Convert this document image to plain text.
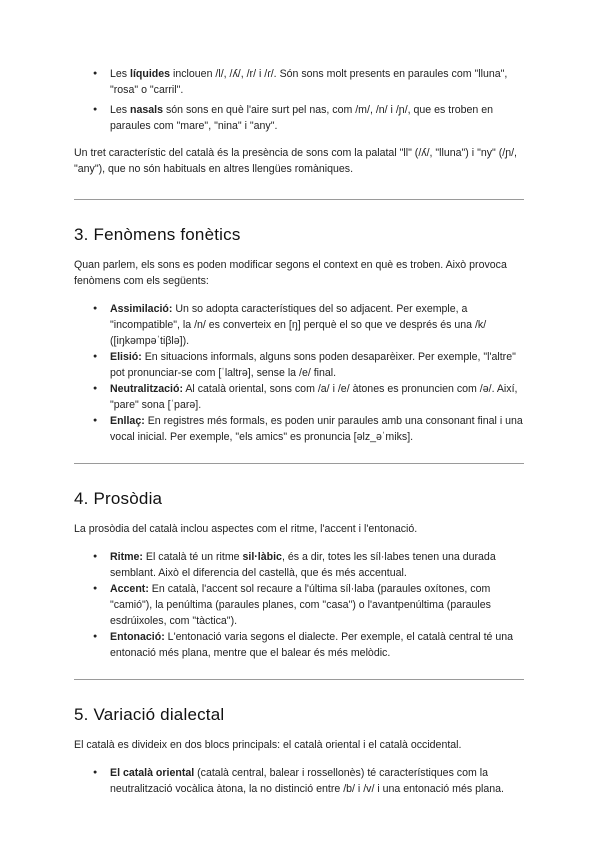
● Les líquides inclouen /l/, /ʎ/, /r/ i /ɾ/. Són sons molt presents en paraules com "lluna", "rosa" o "carril".
● Les nasals són sons en què l'aire surt pel nas, com /m/, /n/ i /ɲ/, que es troben en paraules com "mare", "nina" i "any".

Un tret característic del català és la presència de sons com la palatal "ll" (/ʎ/, "lluna") i "ny" (/ɲ/, "any"), que no són habituals en altres llengües romàniques.

3. Fenòmens fonètics

Quan parlem, els sons es poden modificar segons el context en què es troben. Això provoca fenòmens com els següents:

● Assimilació: Un so adopta característiques del so adjacent. Per exemple, a "incompatible", la /n/ es converteix en [ŋ] perquè el so que ve després és una /k/ ([iŋkəmpəˈtiβlə]).
● Elisió: En situacions informals, alguns sons poden desaparèixer. Per exemple, "l'altre" pot pronunciar-se com [ˈlaltrə], sense la /e/ final.
● Neutralització: Al català oriental, sons com /a/ i /e/ àtones es pronuncien com /ə/. Així, "pare" sona [ˈparə].
● Enllaç: En registres més formals, es poden unir paraules amb una consonant final i una vocal inicial. Per exemple, "els amics" es pronuncia [əlz_əˈmiks].
4. Prosòdia

La prosòdia del català inclou aspectes com el ritme, l'accent i l'entonació.

● Ritme: El català té un ritme sil·làbic, és a dir, totes les síl·labes tenen una durada semblant. Això el diferencia del castellà, que és més accentual.
● Accent: En català, l'accent sol recaure a l'última síl·laba (paraules oxítones, com "camió"), la penúltima (paraules planes, com "casa") o l'avantpenúltima (paraules esdrúixoles, com "tàctica").
● Entonació: L'entonació varia segons el dialecte. Per exemple, el català central té una entonació més plana, mentre que el balear és més melòdic.
5. Variació dialectal

El català es divideix en dos blocs principals: el català oriental i el català occidental.

● El català oriental (català central, balear i rossellonès) té característiques com la neutralització vocàlica àtona, la no distinció entre /b/ i /v/ i una entonació més plana.
